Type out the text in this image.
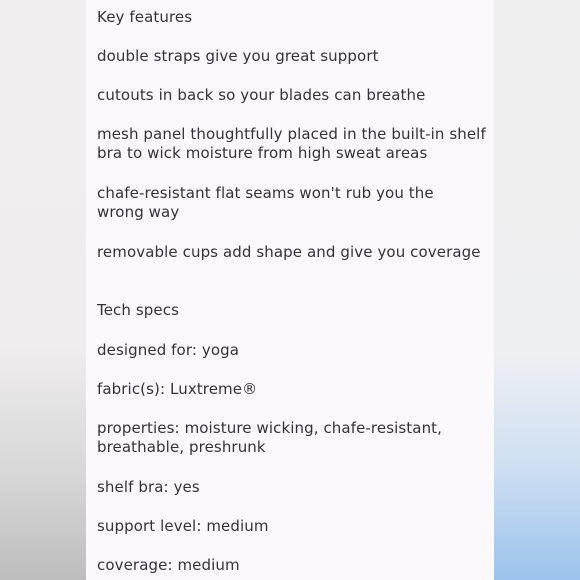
Key features
double straps give you great support
cutouts in back so your blades can breathe
mesh panel thoughtfully placed in the built-in shelf
bra to wick moisture from high sweat areas
chafe-resistant flat seams won't rub you the
wrong way
removable cups add shape and give you coverage
Tech specs
designed for: yoga
fabric(s): Luxtreme®
properties: moisture wicking, chafe-resistant,
breathable, preshrunk
shelf bra: yes
support level: medium
coverage: medium
